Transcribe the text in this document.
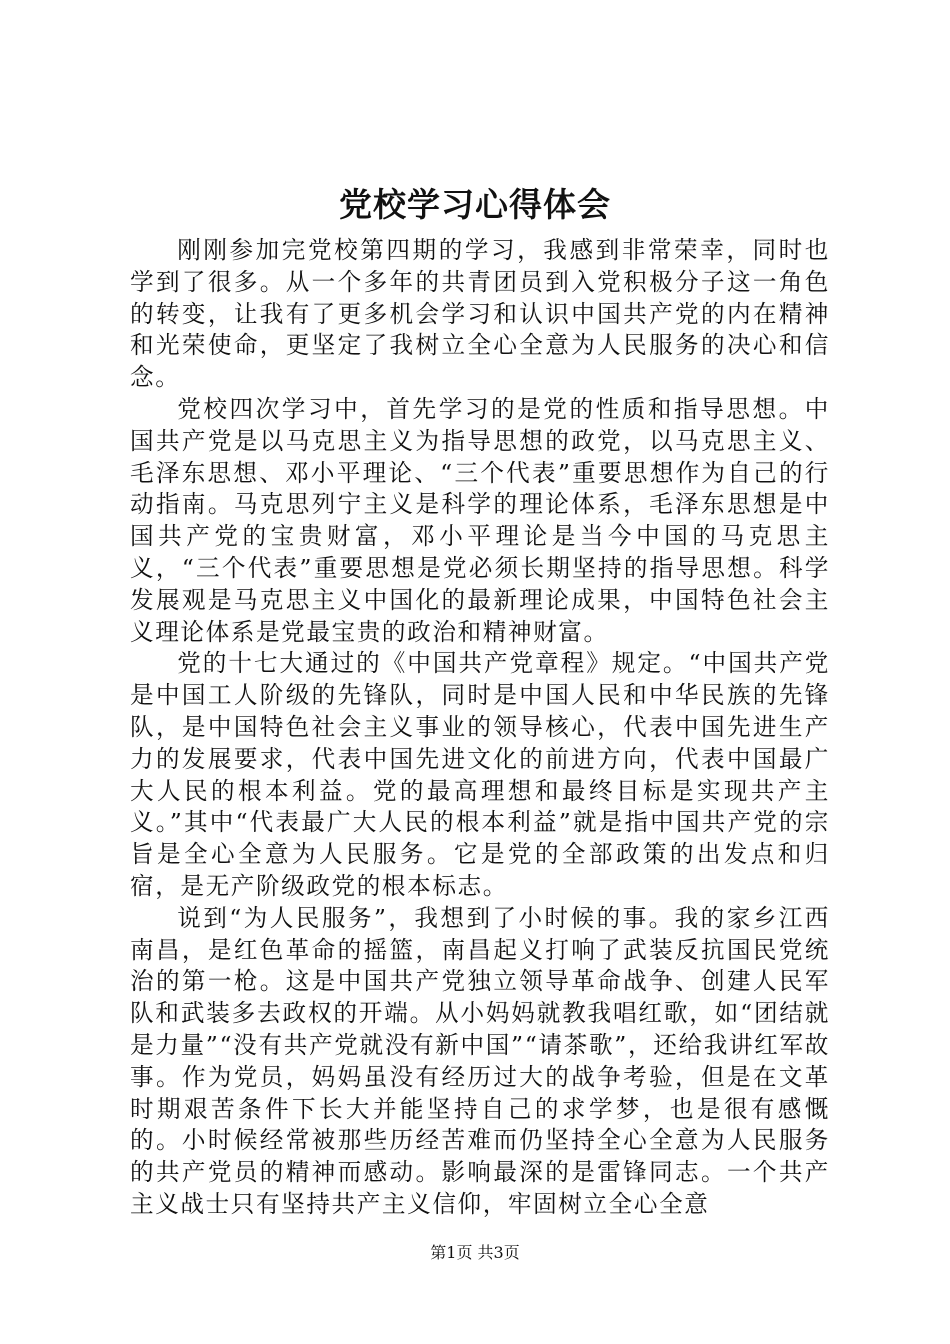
党校学习心得体会

刚刚参加完党校第四期的学习，我感到非常荣幸，同时也学到了很多。从一个多年的共青团员到入党积极分子这一角色的转变，让我有了更多机会学习和认识中国共产党的内在精神和光荣使命，更坚定了我树立全心全意为人民服务的决心和信念。

党校四次学习中，首先学习的是党的性质和指导思想。中国共产党是以马克思主义为指导思想的政党，以马克思主义、毛泽东思想、邓小平理论、“三个代表”重要思想作为自己的行动指南。马克思列宁主义是科学的理论体系，毛泽东思想是中国共产党的宝贵财富，邓小平理论是当今中国的马克思主义，“三个代表”重要思想是党必须长期坚持的指导思想。科学发展观是马克思主义中国化的最新理论成果，中国特色社会主义理论体系是党最宝贵的政治和精神财富。

党的十七大通过的《中国共产党章程》规定。“中国共产党是中国工人阶级的先锋队，同时是中国人民和中华民族的先锋队，是中国特色社会主义事业的领导核心，代表中国先进生产力的发展要求，代表中国先进文化的前进方向，代表中国最广大人民的根本利益。党的最高理想和最终目标是实现共产主义。”其中“代表最广大人民的根本利益”就是指中国共产党的宗旨是全心全意为人民服务。它是党的全部政策的出发点和归宿，是无产阶级政党的根本标志。

说到“为人民服务”，我想到了小时候的事。我的家乡江西南昌，是红色革命的摇篮，南昌起义打响了武装反抗国民党统治的第一枪。这是中国共产党独立领导革命战争、创建人民军队和武装多去政权的开端。从小妈妈就教我唱红歌，如“团结就是力量”“没有共产党就没有新中国”“请茶歌”，还给我讲红军故事。作为党员，妈妈虽没有经历过大的战争考验，但是在文革时期艰苦条件下长大并能坚持自己的求学梦，也是很有感慨的。小时候经常被那些历经苦难而仍坚持全心全意为人民服务的共产党员的精神而感动。影响最深的是雷锋同志。一个共产主义战士只有坚持共产主义信仰，牢固树立全心全意

第1页 共3页
